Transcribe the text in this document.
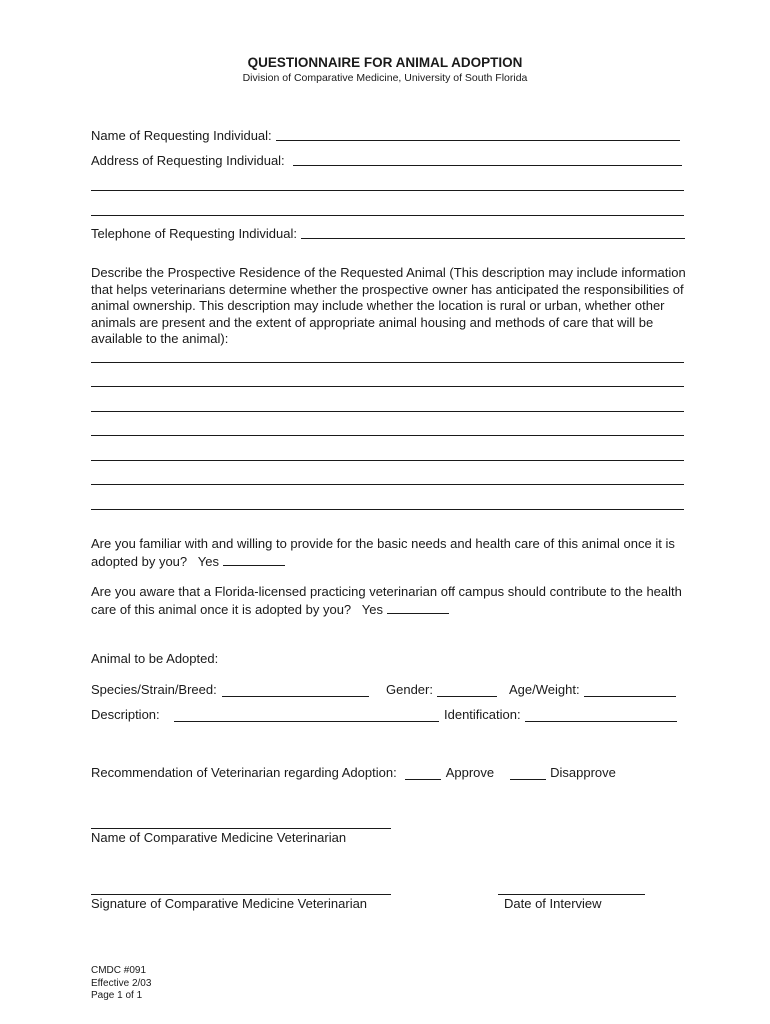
QUESTIONNAIRE FOR ANIMAL ADOPTION
Division of Comparative Medicine, University of South Florida
Name of Requesting Individual:
Address of Requesting Individual:
Telephone of Requesting Individual:
Describe the Prospective Residence of the Requested Animal (This description may include information that helps veterinarians determine whether the prospective owner has anticipated the responsibilities of animal ownership. This description may include whether the location is rural or urban, whether other animals are present and the extent of appropriate animal housing and methods of care that will be available to the animal):
Are you familiar with and willing to provide for the basic needs and health care of this animal once it is adopted by you? Yes
Are you aware that a Florida-licensed practicing veterinarian off campus should contribute to the health care of this animal once it is adopted by you? Yes
Animal to be Adopted:
Species/Strain/Breed:	Gender:	Age/Weight:
Description:	Identification:
Recommendation of Veterinarian regarding Adoption:	Approve	Disapprove
Name of Comparative Medicine Veterinarian
Signature of Comparative Medicine Veterinarian	Date of Interview
CMDC #091
Effective 2/03
Page 1 of 1
